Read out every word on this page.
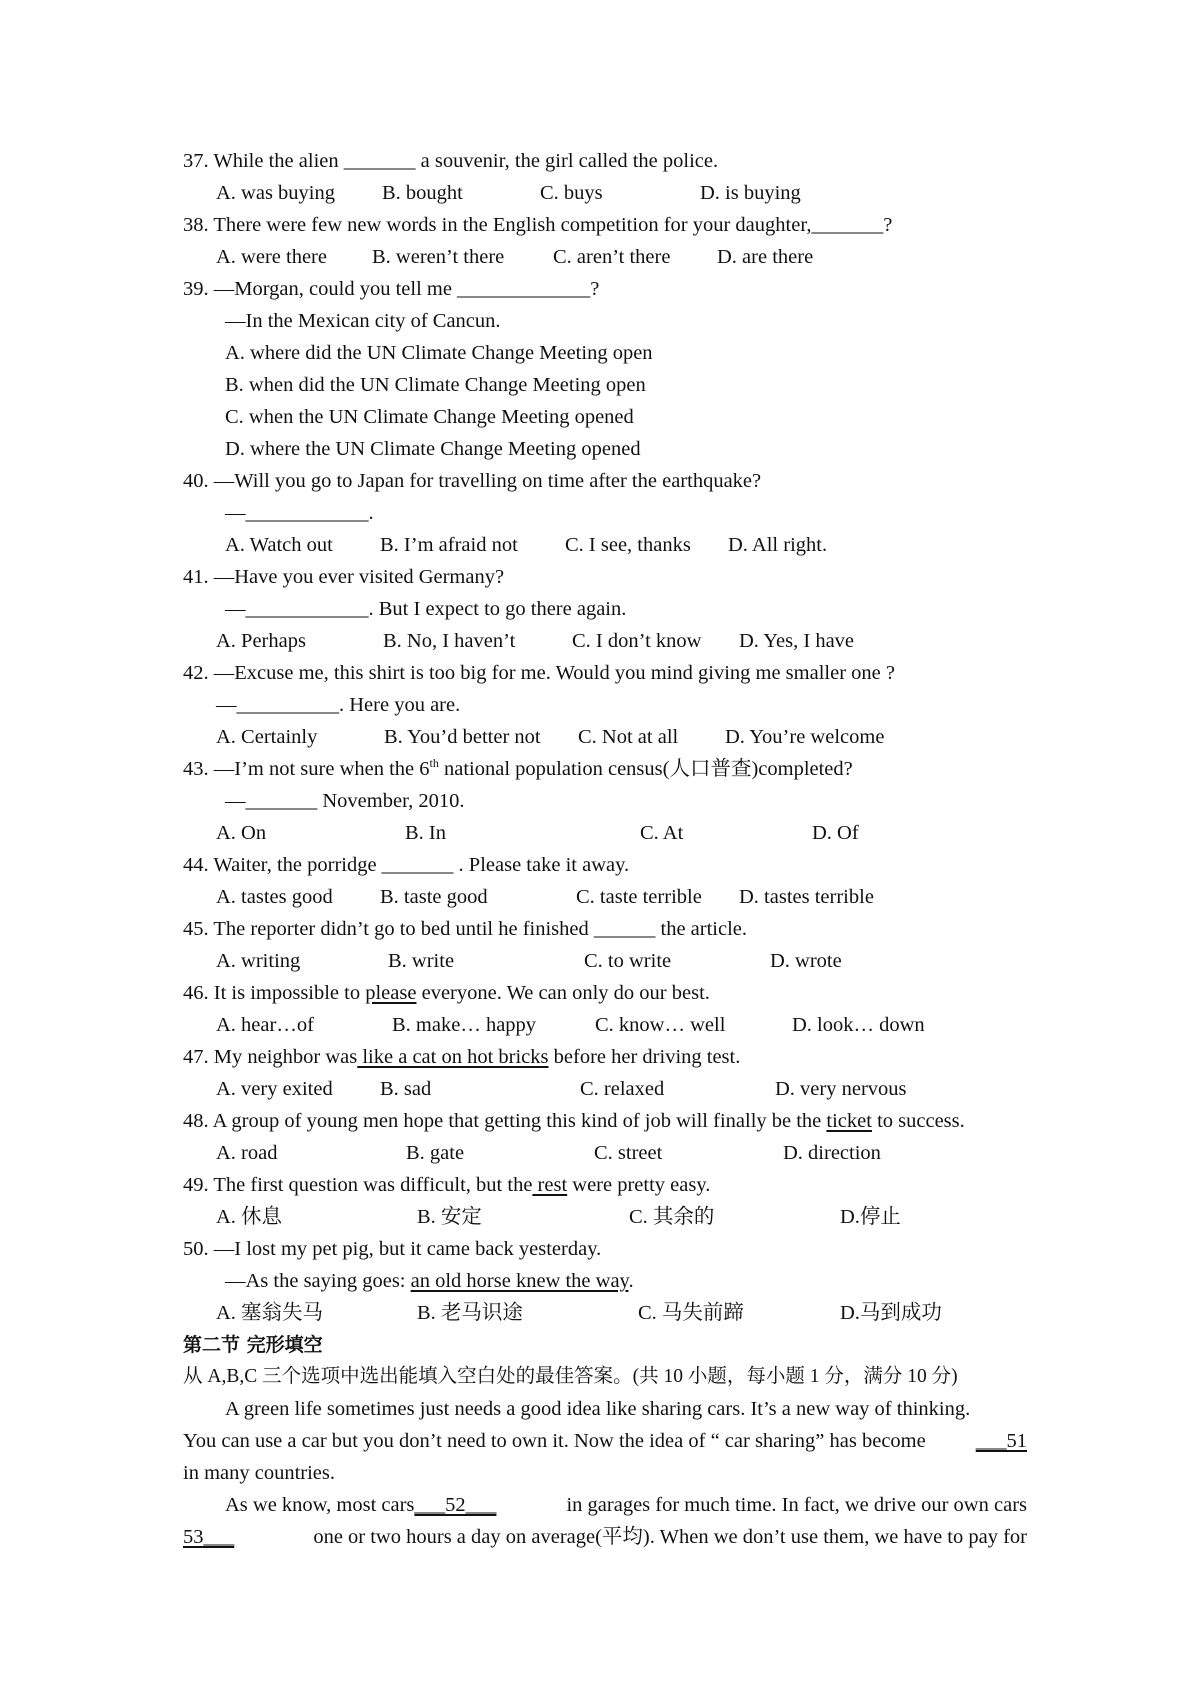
37. While the alien _______ a souvenir, the girl called the police.
A. was buying B. bought	C. buys	D. is buying
38. There were few new words in the English competition for your daughter,_______?
A. were there B. weren’t there C. aren’t there D. are there
39. —Morgan, could you tell me _____________?
—In the Mexican city of Cancun.
A. where did the UN Climate Change Meeting open
B. when did the UN Climate Change Meeting open
C. when the UN Climate Change Meeting opened
D. where the UN Climate Change Meeting opened
40. —Will you go to Japan for travelling on time after the earthquake?
—____________.
A. Watch out B. I’m afraid not C. I see, thanks D. All right.
41. —Have you ever visited Germany?
—____________. But I expect to go there again.
A. Perhaps	B. No, I haven’t	C. I don’t know D. Yes, I have
42. —Excuse me, this shirt is too big for me. Would you mind giving me smaller one ?
—__________. Here you are.
A. Certainly	B. You’d better not C. Not at all D. You’re welcome
43. —I’m not sure when the 6th national population census(人口普查)completed?
—_______ November, 2010.
A. On	B. In	C. At	D. Of
44. Waiter, the porridge _______ . Please take it away.
A. tastes good B. taste good	C. taste terrible D. tastes terrible
45. The reporter didn’t go to bed until he finished ______ the article.
A. writing	B. write	C. to write	D. wrote
46. It is impossible to please everyone. We can only do our best.
A. hear…of	B. make… happy	C. know… well	D. look… down
47. My neighbor was like a cat on hot bricks before her driving test.
A. very exited B. sad	C. relaxed	D. very nervous
48. A group of young men hope that getting this kind of job will finally be the ticket to success.
A. road	B. gate	C. street	D. direction
49. The first question was difficult, but the rest were pretty easy.
A. 休息	B. 安定	C. 其余的	D.停止
50. —I lost my pet pig, but it came back yesterday.
—As the saying goes: an old horse knew the way.
A. 塞翁失马	B. 老马识途	C. 马失前蹄	D.马到成功
第二节 完形填空
从 A,B,C 三个选项中选出能填入空白处的最佳答案。(共 10 小题，每小题 1 分，满分 10 分)
A green life sometimes just needs a good idea like sharing cars. It’s a new way of thinking.
You can use a car but you don’t need to own it. Now the idea of “ car sharing” has become ___51
in many countries.
As we know, most cars___52___	in garages for much time. In fact, we drive our own cars
53___	one or two hours a day on average(平均). When we don’t use them, we have to pay for
